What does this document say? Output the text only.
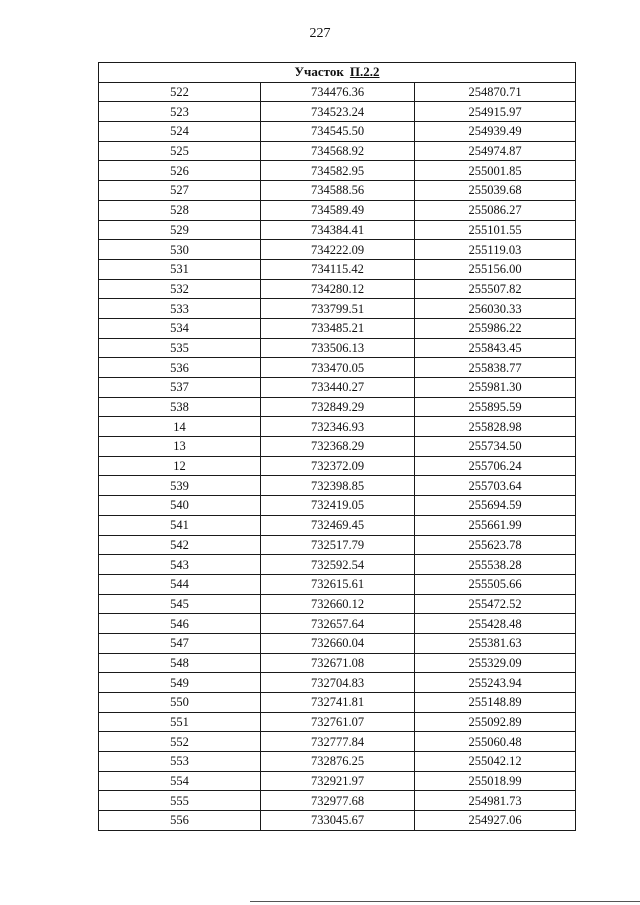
227
Участок П.2.2		
522	734476.36	254870.71
523	734523.24	254915.97
524	734545.50	254939.49
525	734568.92	254974.87
526	734582.95	255001.85
527	734588.56	255039.68
528	734589.49	255086.27
529	734384.41	255101.55
530	734222.09	255119.03
531	734115.42	255156.00
532	734280.12	255507.82
533	733799.51	256030.33
534	733485.21	255986.22
535	733506.13	255843.45
536	733470.05	255838.77
537	733440.27	255981.30
538	732849.29	255895.59
14	732346.93	255828.98
13	732368.29	255734.50
12	732372.09	255706.24
539	732398.85	255703.64
540	732419.05	255694.59
541	732469.45	255661.99
542	732517.79	255623.78
543	732592.54	255538.28
544	732615.61	255505.66
545	732660.12	255472.52
546	732657.64	255428.48
547	732660.04	255381.63
548	732671.08	255329.09
549	732704.83	255243.94
550	732741.81	255148.89
551	732761.07	255092.89
552	732777.84	255060.48
553	732876.25	255042.12
554	732921.97	255018.99
555	732977.68	254981.73
556	733045.67	254927.06
